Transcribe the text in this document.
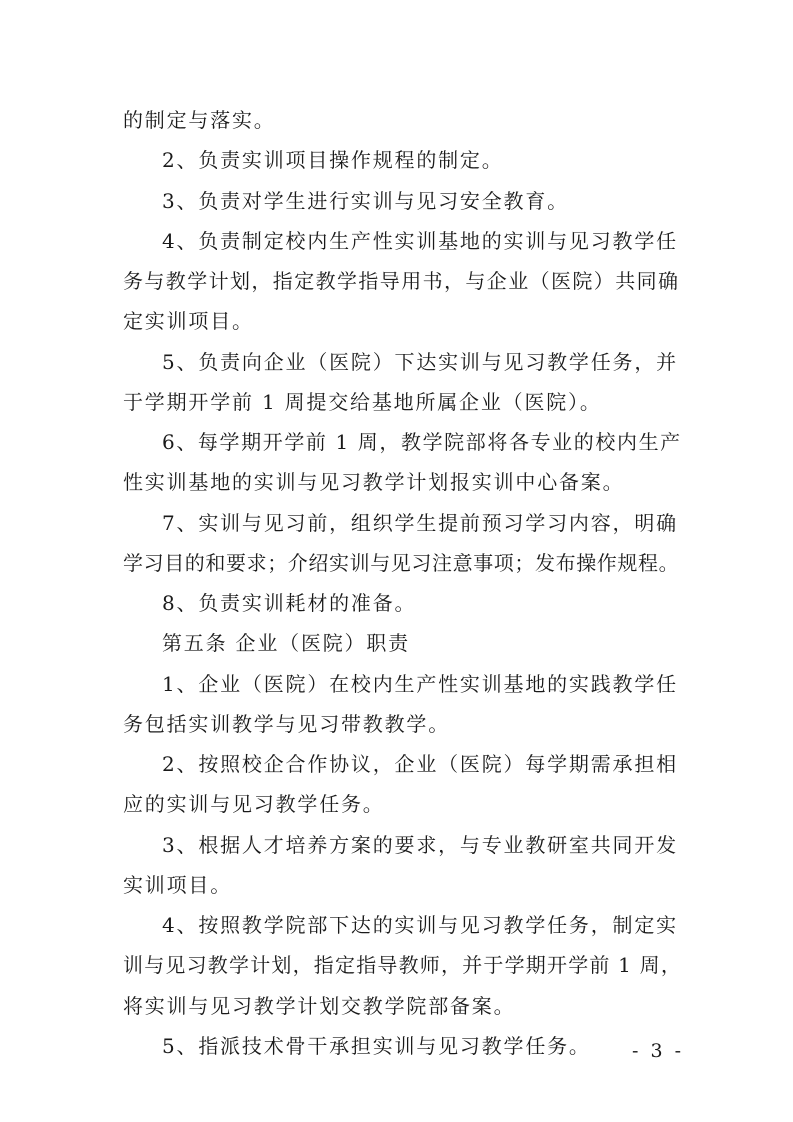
的制定与落实。
2、负责实训项目操作规程的制定。
3、负责对学生进行实训与见习安全教育。
4、负责制定校内生产性实训基地的实训与见习教学任
务与教学计划，指定教学指导用书，与企业（医院）共同确
定实训项目。
5、负责向企业（医院）下达实训与见习教学任务，并
于学期开学前 1 周提交给基地所属企业（医院）。
6、每学期开学前 1 周，教学院部将各专业的校内生产
性实训基地的实训与见习教学计划报实训中心备案。
7、实训与见习前，组织学生提前预习学习内容，明确
学习目的和要求；介绍实训与见习注意事项；发布操作规程。
8、负责实训耗材的准备。
第五条 企业（医院）职责
1、企业（医院）在校内生产性实训基地的实践教学任
务包括实训教学与见习带教教学。
2、按照校企合作协议，企业（医院）每学期需承担相
应的实训与见习教学任务。
3、根据人才培养方案的要求，与专业教研室共同开发
实训项目。
4、按照教学院部下达的实训与见习教学任务，制定实
训与见习教学计划，指定指导教师，并于学期开学前 1 周，
将实训与见习教学计划交教学院部备案。
5、指派技术骨干承担实训与见习教学任务。	- 3 -
